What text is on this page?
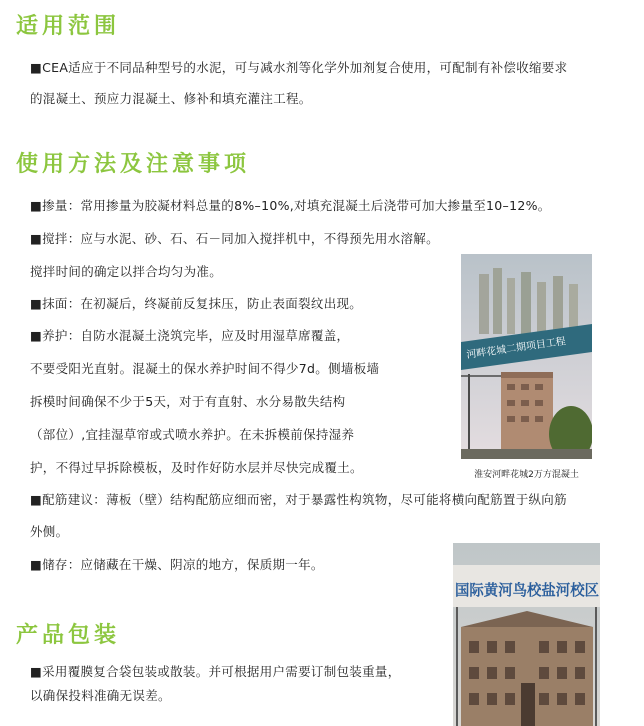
适用范围
■CEA适应于不同品种型号的水泥，可与减水剂等化学外加剂复合使用，可配制有补偿收缩要求
的混凝土、预应力混凝土、修补和填充灌注工程。
使用方法及注意事项
■掺量：常用掺量为胶凝材料总量的8%–10%,对填充混凝土后浇带可加大掺量至10–12%。
■搅拌：应与水泥、砂、石、石－同加入搅拌机中，不得预先用水溶解。
搅拌时间的确定以拌合均匀为准。
■抹面：在初凝后，终凝前反复抹压，防止表面裂纹出现。
■养护：自防水混凝土浇筑完毕，应及时用湿草席覆盖，
不要受阳光直射。混凝土的保水养护时间不得少7d。侧墙板墙
拆模时间确保不少于5天，对于有直射、水分易散失结构
（部位）,宜挂湿草帘或式喷水养护。在未拆模前保持湿养
护，不得过早拆除模板，及时作好防水层并尽快完成覆土。
■配筋建议：薄板（壁）结构配筋应细而密，对于暴露性构筑物，尽可能将横向配筋置于纵向筋
外侧。
■储存：应储藏在干燥、阴凉的地方，保质期一年。
产品包装
■采用覆膜复合袋包装或散装。并可根据用户需要订制包装重量，
以确保投料准确无误差。
河畔花城二期项目工程
淮安河畔花城2万方混凝土
国际黄河鸟校盐河校区
